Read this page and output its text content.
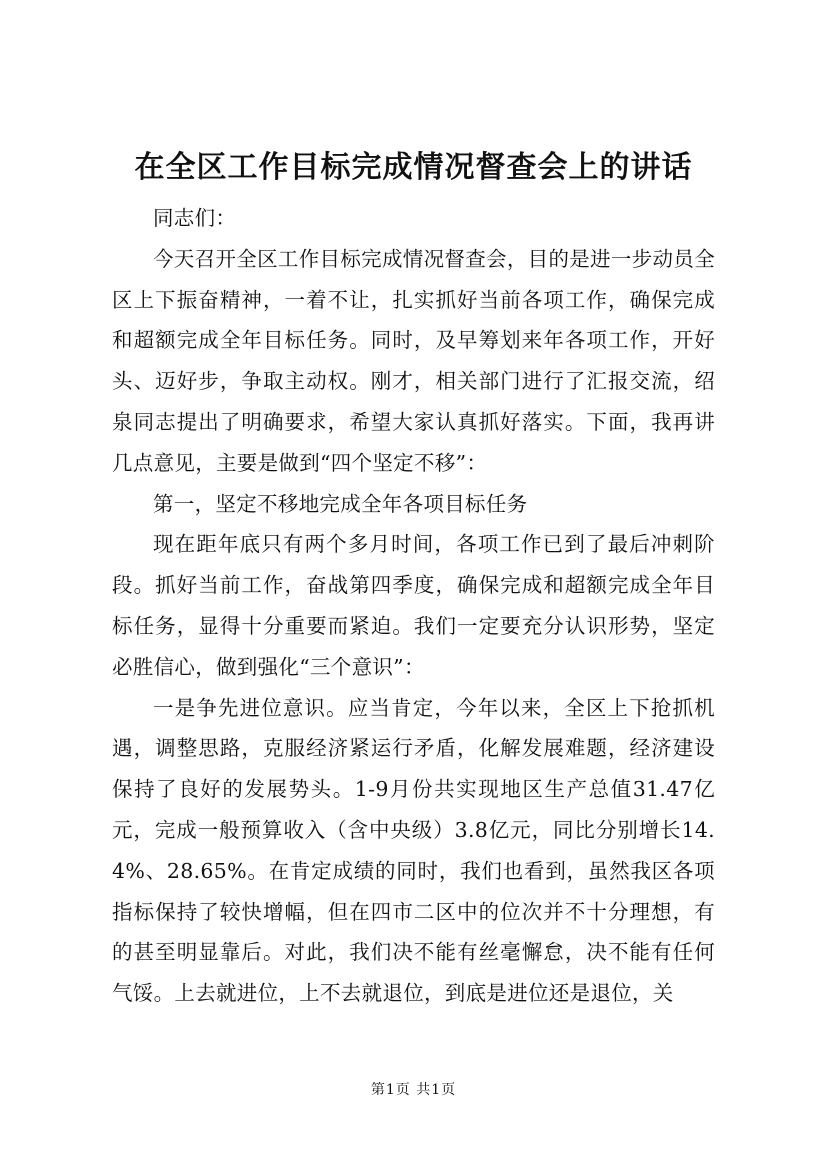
在全区工作目标完成情况督查会上的讲话

同志们：

今天召开全区工作目标完成情况督查会，目的是进一步动员全区上下振奋精神，一着不让，扎实抓好当前各项工作，确保完成和超额完成全年目标任务。同时，及早筹划来年各项工作，开好头、迈好步，争取主动权。刚才，相关部门进行了汇报交流，绍泉同志提出了明确要求，希望大家认真抓好落实。下面，我再讲几点意见，主要是做到“四个坚定不移”：

第一，坚定不移地完成全年各项目标任务

现在距年底只有两个多月时间，各项工作已到了最后冲刺阶段。抓好当前工作，奋战第四季度，确保完成和超额完成全年目标任务，显得十分重要而紧迫。我们一定要充分认识形势，坚定必胜信心，做到强化“三个意识”：

一是争先进位意识。应当肯定，今年以来，全区上下抢抓机遇，调整思路，克服经济紧运行矛盾，化解发展难题，经济建设保持了良好的发展势头。1-9月份共实现地区生产总值31.47亿元，完成一般预算收入（含中央级）3.8亿元，同比分别增长14.4%、28.65%。在肯定成绩的同时，我们也看到，虽然我区各项指标保持了较快增幅，但在四市二区中的位次并不十分理想，有的甚至明显靠后。对此，我们决不能有丝毫懈怠，决不能有任何气馁。上去就进位，上不去就退位，到底是进位还是退位，关

第1页 共1页
